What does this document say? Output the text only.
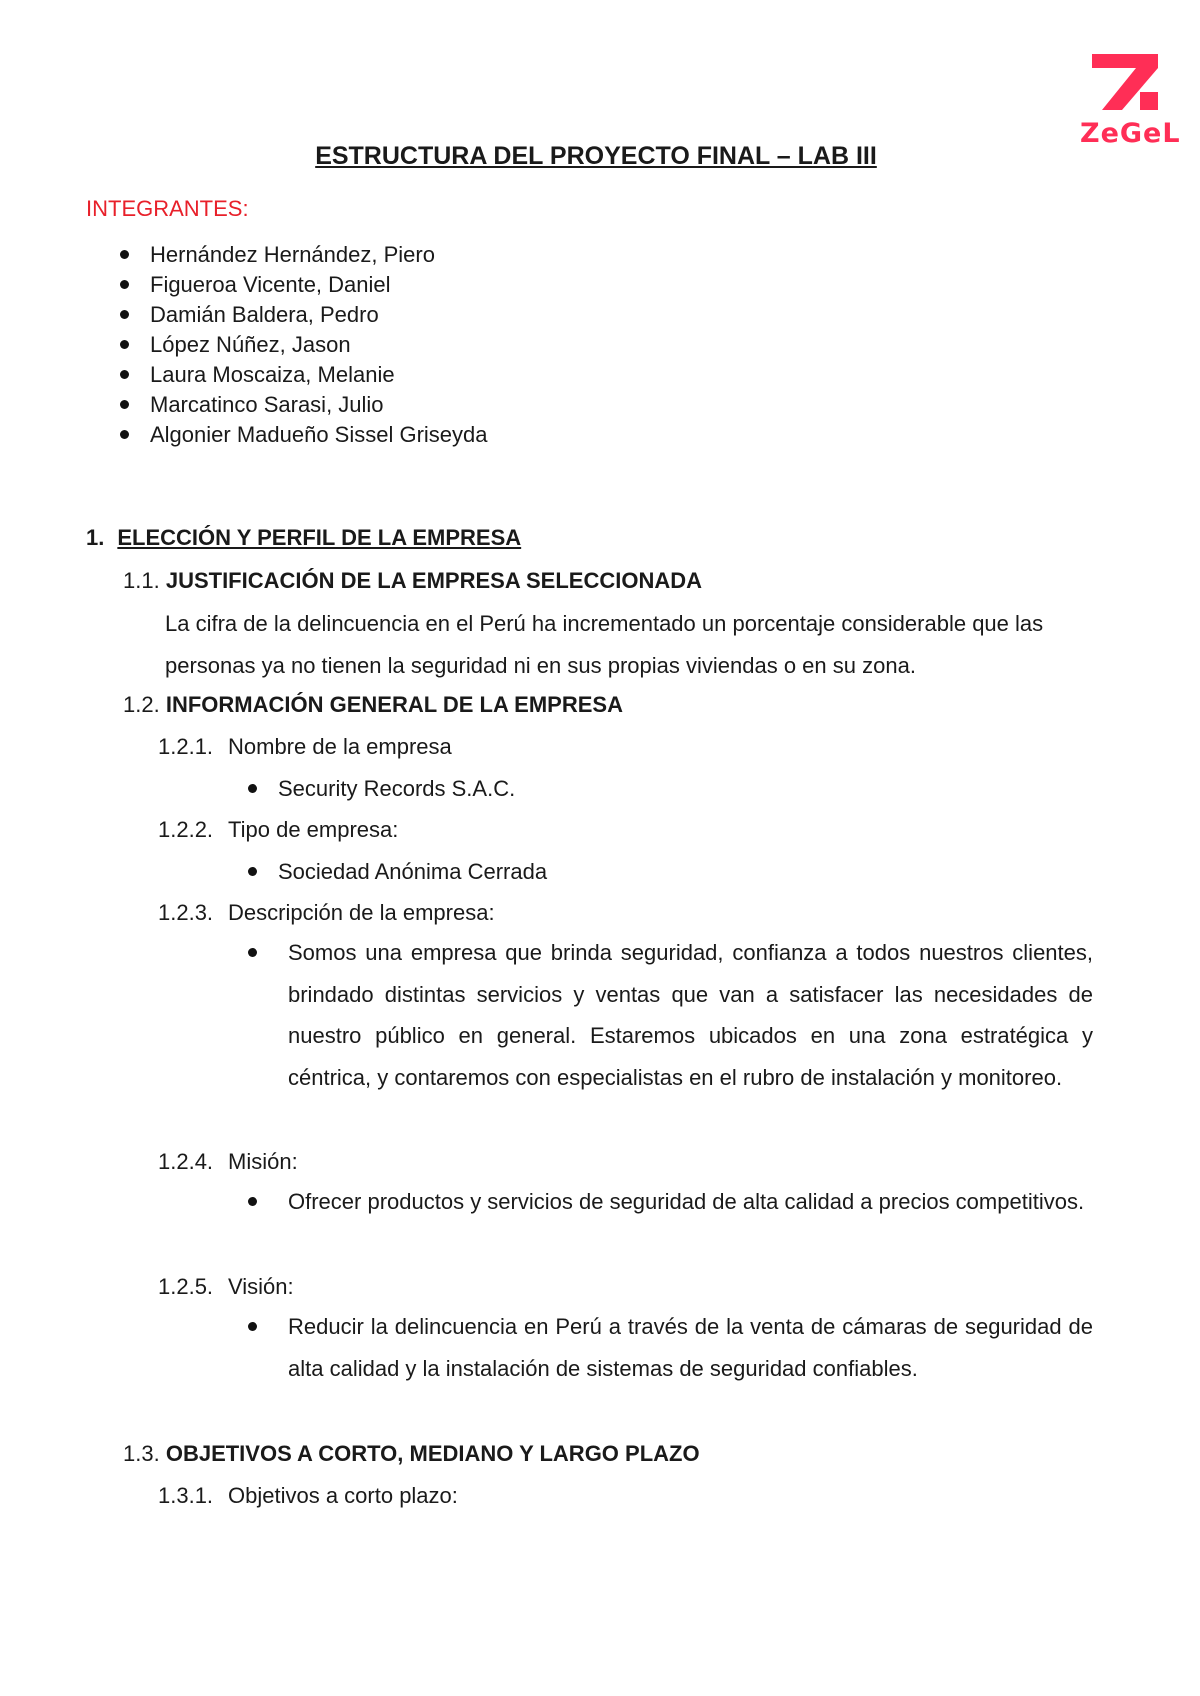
ZeGeL
ESTRUCTURA DEL PROYECTO FINAL – LAB III
INTEGRANTES:
Hernández Hernández, Piero
Figueroa Vicente, Daniel
Damián Baldera, Pedro
López Núñez, Jason
Laura Moscaiza, Melanie
Marcatinco Sarasi, Julio
Algonier Madueño Sissel Griseyda
1. ELECCIÓN Y PERFIL DE LA EMPRESA
1.1. JUSTIFICACIÓN DE LA EMPRESA SELECCIONADA
La cifra de la delincuencia en el Perú ha incrementado un porcentaje considerable que las personas ya no tienen la seguridad ni en sus propias viviendas o en su zona.
1.2. INFORMACIÓN GENERAL DE LA EMPRESA
1.2.1. Nombre de la empresa
Security Records S.A.C.
1.2.2. Tipo de empresa:
Sociedad Anónima Cerrada
1.2.3. Descripción de la empresa:
Somos una empresa que brinda seguridad, confianza a todos nuestros clientes, brindado distintas servicios y ventas que van a satisfacer las necesidades de nuestro público en general. Estaremos ubicados en una zona estratégica y céntrica, y contaremos con especialistas en el rubro de instalación y monitoreo.
1.2.4. Misión:
Ofrecer productos y servicios de seguridad de alta calidad a precios competitivos.
1.2.5. Visión:
Reducir la delincuencia en Perú a través de la venta de cámaras de seguridad de alta calidad y la instalación de sistemas de seguridad confiables.
1.3. OBJETIVOS A CORTO, MEDIANO Y LARGO PLAZO
1.3.1. Objetivos a corto plazo:
